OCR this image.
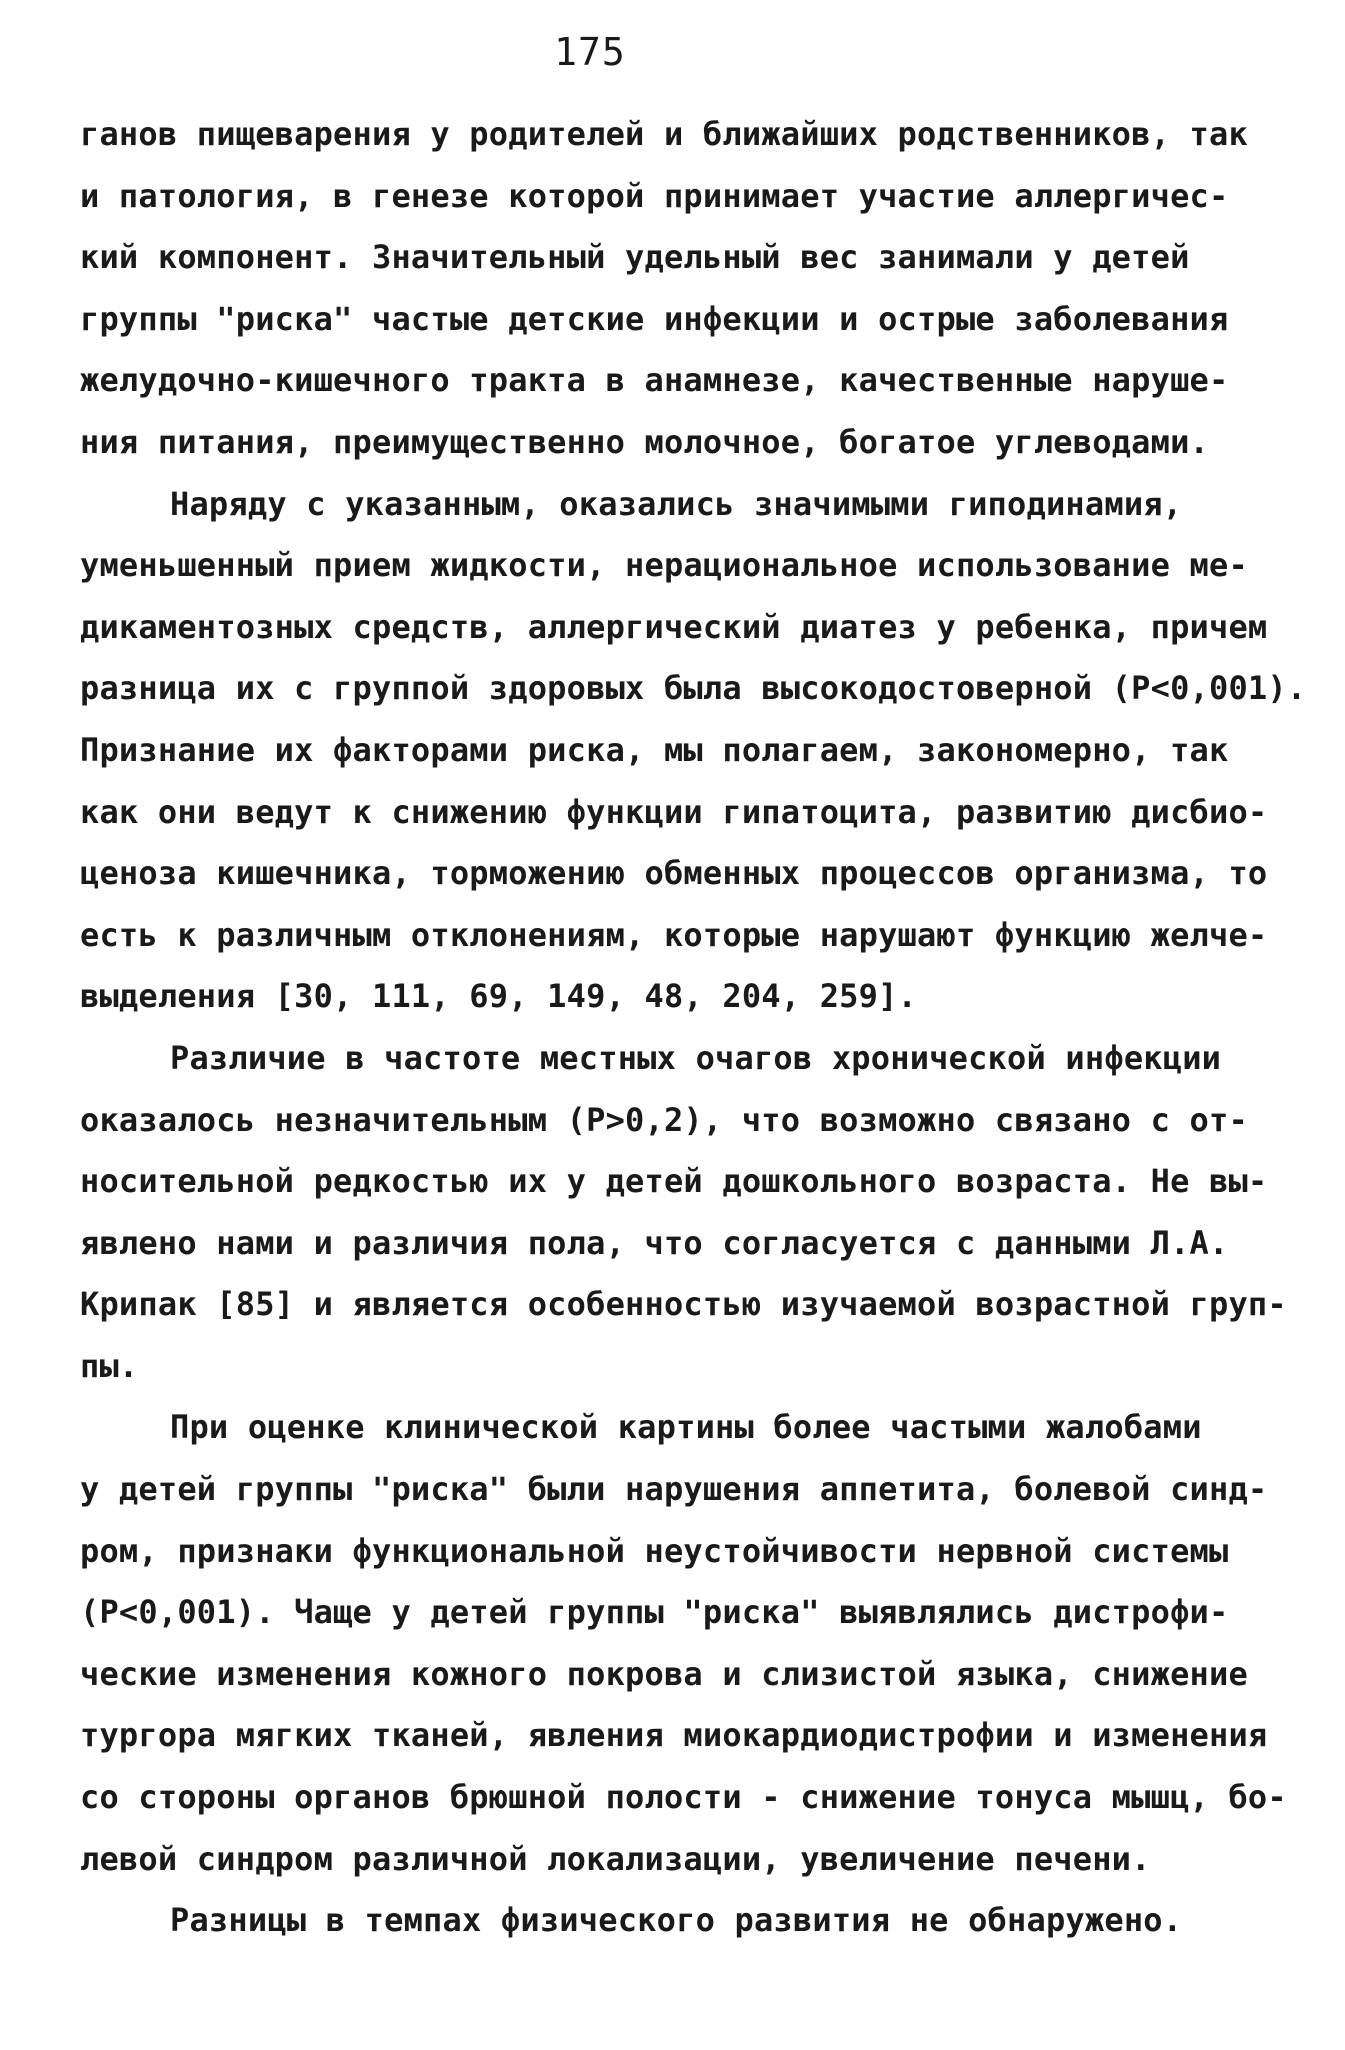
175
ганов пищеварения у родителей и ближайших родственников, так
и патология, в генезе которой принимает участие аллергичес-
кий компонент. Значительный удельный вес занимали у детей
группы "риска" частые детские инфекции и острые заболевания
желудочно-кишечного тракта в анамнезе, качественные наруше-
ния питания, преимущественно молочное, богатое углеводами.
Наряду с указанным, оказались значимыми гиподинамия,
уменьшенный прием жидкости, нерациональное использование ме-
дикаментозных средств, аллергический диатез у ребенка, причем
разница их с группой здоровых была высокодостоверной (P<0,001).
Признание их факторами риска, мы полагаем, закономерно, так
как они ведут к снижению функции гипатоцита, развитию дисбио-
ценоза кишечника, торможению обменных процессов организма, то
есть к различным отклонениям, которые нарушают функцию желче-
выделения [30, 111, 69, 149, 48, 204, 259].
Различие в частоте местных очагов хронической инфекции
оказалось незначительным (P>0,2), что возможно связано с от-
носительной редкостью их у детей дошкольного возраста. Не вы-
явлено нами и различия пола, что согласуется с данными Л.А.
Крипак [85] и является особенностью изучаемой возрастной груп-
пы.
При оценке клинической картины более частыми жалобами
у детей группы "риска" были нарушения аппетита, болевой синд-
ром, признаки функциональной неустойчивости нервной системы
(P<0,001). Чаще у детей группы "риска" выявлялись дистрофи-
ческие изменения кожного покрова и слизистой языка, снижение
тургора мягких тканей, явления миокардиодистрофии и изменения
со стороны органов брюшной полости - снижение тонуса мышц, бо-
левой синдром различной локализации, увеличение печени.
Разницы в темпах физического развития не обнаружено.
